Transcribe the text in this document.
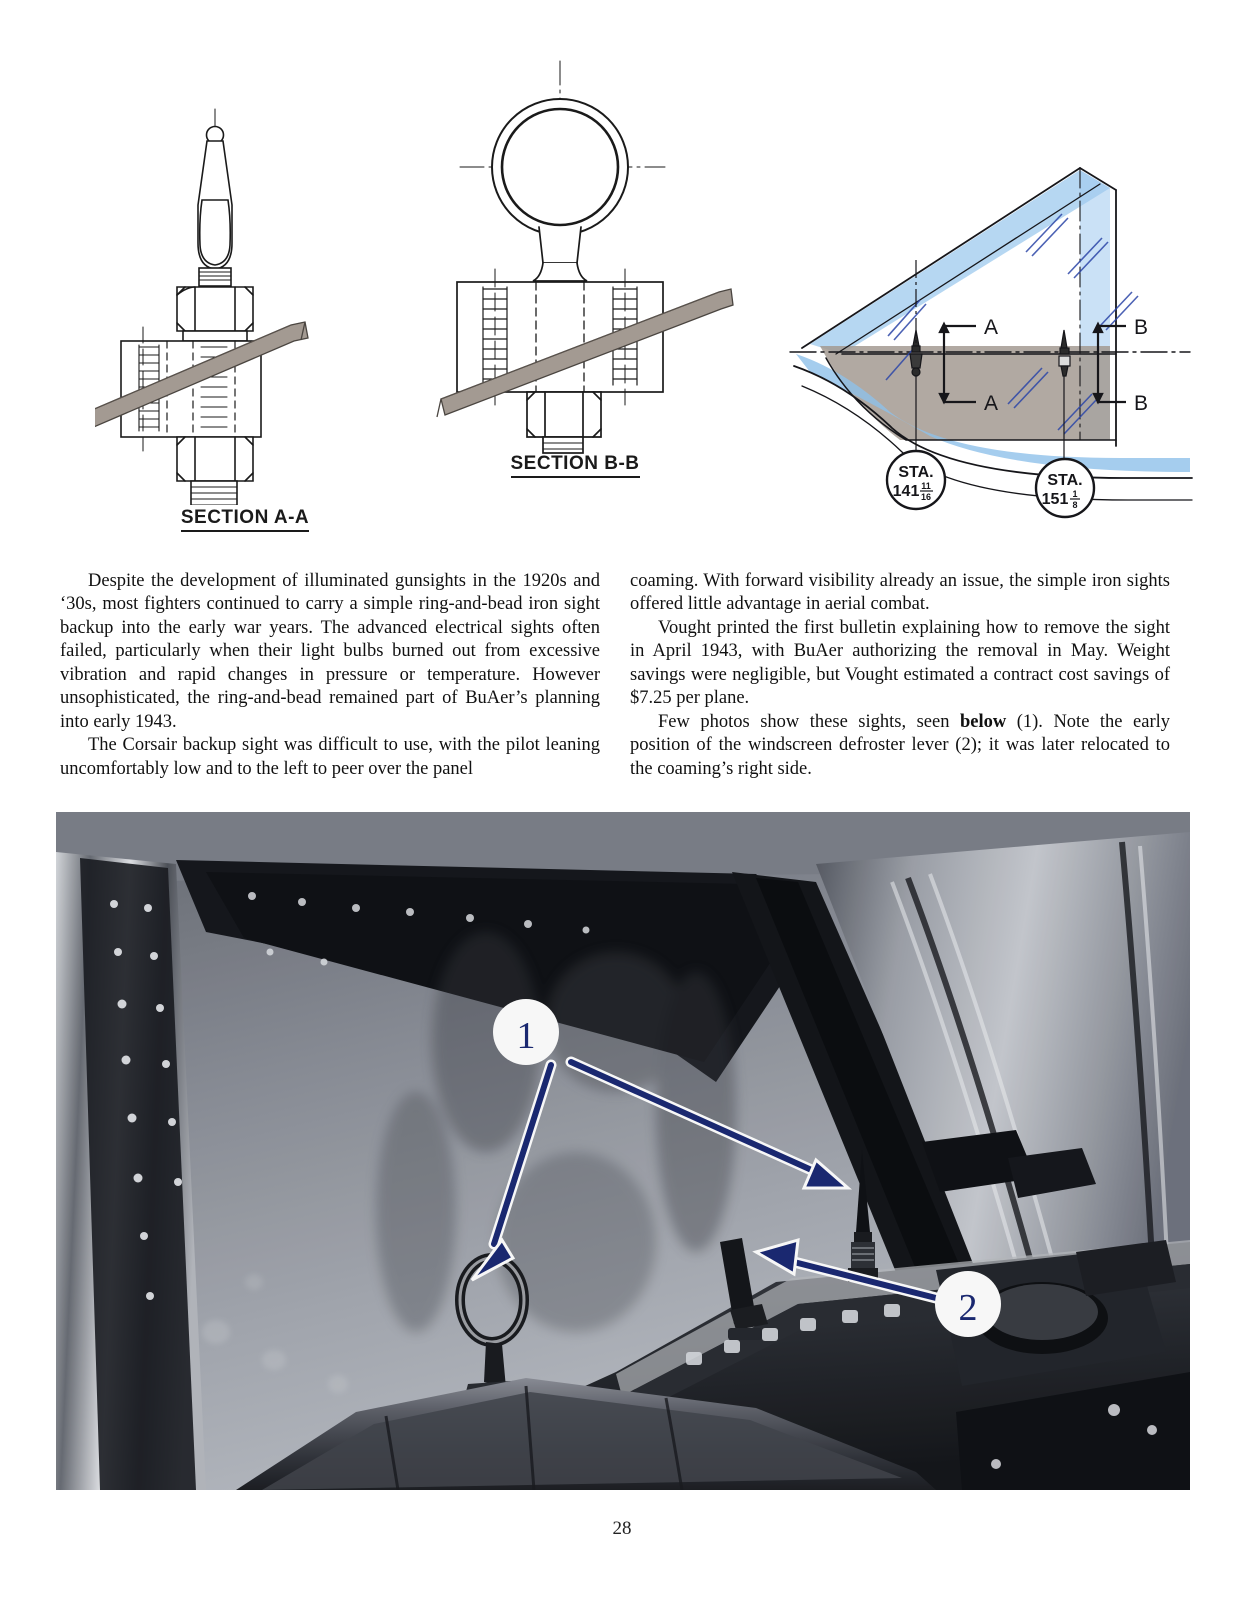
SECTION A-A
SECTION B-B
A
A
B
B
STA.
141 11
16
STA.
151 1
8

Despite the development of illuminated gunsights in the 1920s and ‘30s, most fighters continued to carry a simple ring-and-bead iron sight backup into the early war years. The advanced electrical sights often failed, particularly when their light bulbs burned out from excessive vibration and rapid changes in pressure or temperature. However unsophisticated, the ring-and-bead remained part of BuAer’s planning into early 1943.

The Corsair backup sight was difficult to use, with the pilot leaning uncomfortably low and to the left to peer over the panel

coaming. With forward visibility already an issue, the simple iron sights offered little advantage in aerial combat.

Vought printed the first bulletin explaining how to remove the sight in April 1943, with BuAer authorizing the removal in May. Weight savings were negligible, but Vought estimated a contract cost savings of $7.25 per plane.

Few photos show these sights, seen below (1). Note the early position of the windscreen defroster lever (2); it was later relocated to the coaming’s right side.

1
2
28
